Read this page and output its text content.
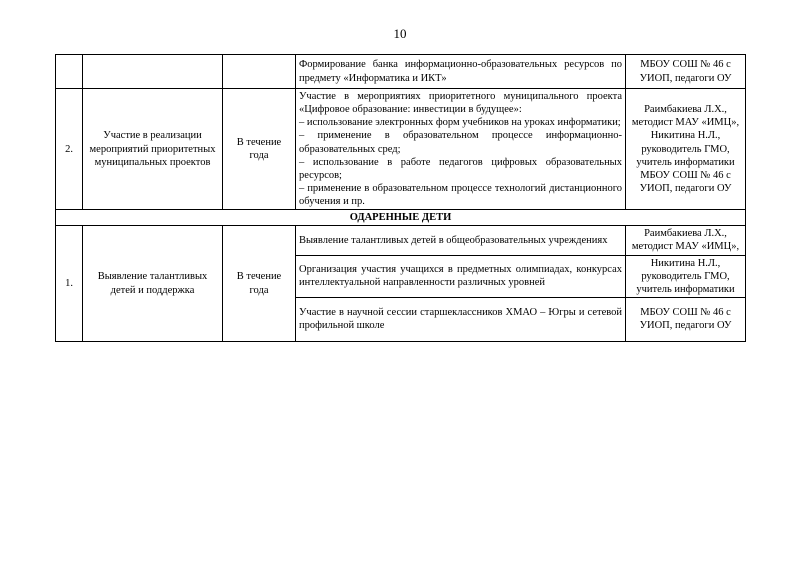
10
			Формирование банка информационно-образовательных ресурсов по предмету «Информатика и ИКТ»	МБОУ СОШ № 46 с УИОП, педагоги ОУ
2.	Участие в реализации мероприятий приоритетных муниципальных проектов	В течение года	Участие в мероприятиях приоритетного муниципального проекта «Цифровое образование: инвестиции в будущее»:
– использование электронных форм учебников на уроках информатики;
– применение в образовательном процессе информационно-образовательных сред;
– использование в работе педагогов цифровых образовательных ресурсов;
– применение в образовательном процессе технологий дистанционного обучения и пр.	Раимбакиева Л.Х., методист МАУ «ИМЦ», Никитина Н.Л., руководитель ГМО, учитель информатики МБОУ СОШ № 46 с УИОП, педагоги ОУ
ОДАРЕННЫЕ ДЕТИ				
1.	Выявление талантливых детей и поддержка	В течение года	Выявление талантливых детей в общеобразовательных учреждениях	Раимбакиева Л.Х., методист МАУ «ИМЦ»,
			Организация участия учащихся в предметных олимпиадах, конкурсах интеллектуальной направленности различных уровней	Никитина Н.Л., руководитель ГМО, учитель информатики
			Участие в научной сессии старшеклассников ХМАО – Югры и сетевой профильной школе	МБОУ СОШ № 46 с УИОП, педагоги ОУ
